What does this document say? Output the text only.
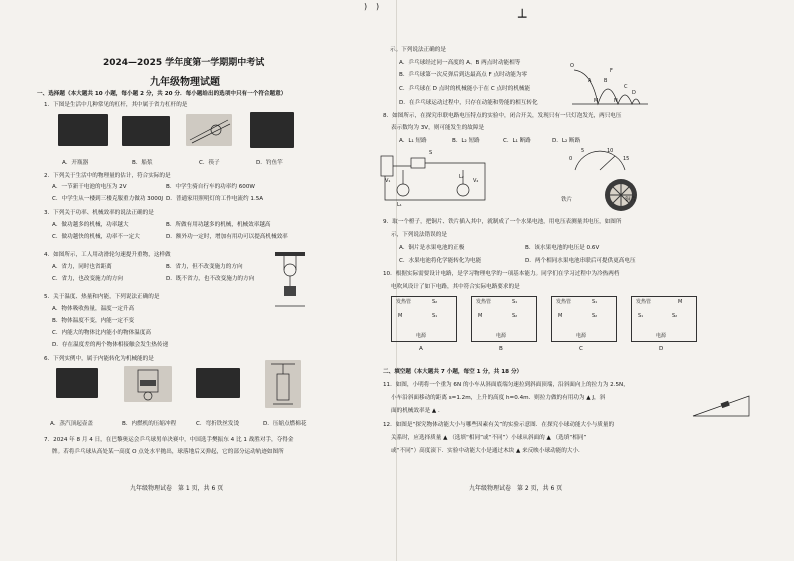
) )
┴
2024—2025 学年度第一学期期中考试
九年级物理试题
一、选择题（本大题共 10 小题，每小题 2 分，共 20 分．每小题给出的选项中只有一个符合题意）
1．下图是生活中几种常见的杠杆，其中属于省力杠杆的是
A．开瓶器	B．船浆	C．筷子	D．钓鱼竿
2．下列关于生活中的物理量的估计，符合实际的是
A．一节新干电池的电压为 2V	B．中学生骑自行车的功率约 600W
C．中学生从一楼到三楼克服重力做功 3000J D．普通家用照明灯的工作电流约 1.5A
3．下列关于功率、机械效率的说法正确的是
A．做功越多的机械，功率越大	B．所做有用功越多的机械，机械效率越高
C．做功越快的机械，功率不一定大	D．额外功一定时，增加有用功可以提高机械效率
4．如图所示，工人用动滑轮匀速提升重物，这样做
A．省力，同时也省距离	B．省力，但不改变施力的方向
C．省力，也改变施力的方向	D．既不省力，也不改变施力的方向
5．关于温度、热量和内能，下列说法正确的是
A．物体吸收热量，温度一定升高
B．物体温度不变，内能一定不变
C．内能大的物体比内能小的物体温度高
D．存在温度差的两个物体相接触会发生热传递
6．下列实例中，属于内能转化为机械能的是
A．蒸汽顶起壶盖	B．内燃机的压缩冲程	C．弯折铁丝发烫	D．压缩点燃棉花
7．2024 年 8 月 4 日，在巴黎奥运会乒乓球男单决赛中，中国选手樊振东 4 比 1 战胜对手，夺得金
牌。若将乒乓球从高处某一高度 O 点处水平抛出，球落地后又弹起，它的部分运动轨迹如图所
九年级物理试卷　第 1 页，共 6 页
示。下列说法正确的是
A．乒乓球经过同一高度的 A、B 两点时动能相等
B．乒乓球第一次反弹后到达最高点 F 点时动能为零
C．乒乓球在 D 点时的机械能小于在 C 点时的机械能
D．在乒乓球运动过程中，只存在动能和势能的相互转化
O
A	B
C
D
F
M	N
8．如图所示，在探究串联电路电压特点的实验中，闭合开关，发现只有一只灯泡发光，两只电压
表示数均为 3V，则可能发生的故障是
A．L₁ 短路	B．L₂ 短路	C．L₁ 断路	D．L₂ 断路
S
L₁
L₂
V₁	V₂
5	10
15
0
铁片	铜片
9．取一个橙子，把铜片、铁片插入其中，就制成了一个水果电池，用电压表测量其电压，如图所
示，下列说法错误的是
A．铜片是水果电池的正极	B．该水果电池的电压是 0.6V
C．水果电池将化学能转化为电能	D．两个相同水果电池串联后可提供更高电压
10．根据实际需要设计电路，是学习物理电学的一项基本能力。同学们在学习过程中为冷热两档
电吹风设计了如下电路，其中符合实际电路要求的是
发热管	S₂
M	S₁
电源
发热管	S₁
M	S₂
电源
发热管	S₁
M	S₂
电源
发热管	M
S₁	S₂
电源
A	B	C	D
二、填空题（本大题共 7 小题，每空 1 分，共 18 分）
11．如图，小明将一个重为 6N 的小车从斜面底端匀速拉到斜面顶端，沿斜面向上的拉力为 2.5N，
小车沿斜面移动的距离 s=1.2m，上升的高度 h=0.4m．则拉力做的有用功为 ▲ J，斜
面的机械效率是 ▲ ．
12．如图是“探究物体动能大小与哪些因素有关”的实验示意图．在探究小球动能大小与质量的
关系时，应选择质量 ▲ （选填“相同”或“不同”）小球从斜面的 ▲ （选填“相同”
或“不同”）高度滚下．实验中动能大小是通过木块 ▲ 来反映小球动能的大小．
九年级物理试卷　第 2 页，共 6 页
